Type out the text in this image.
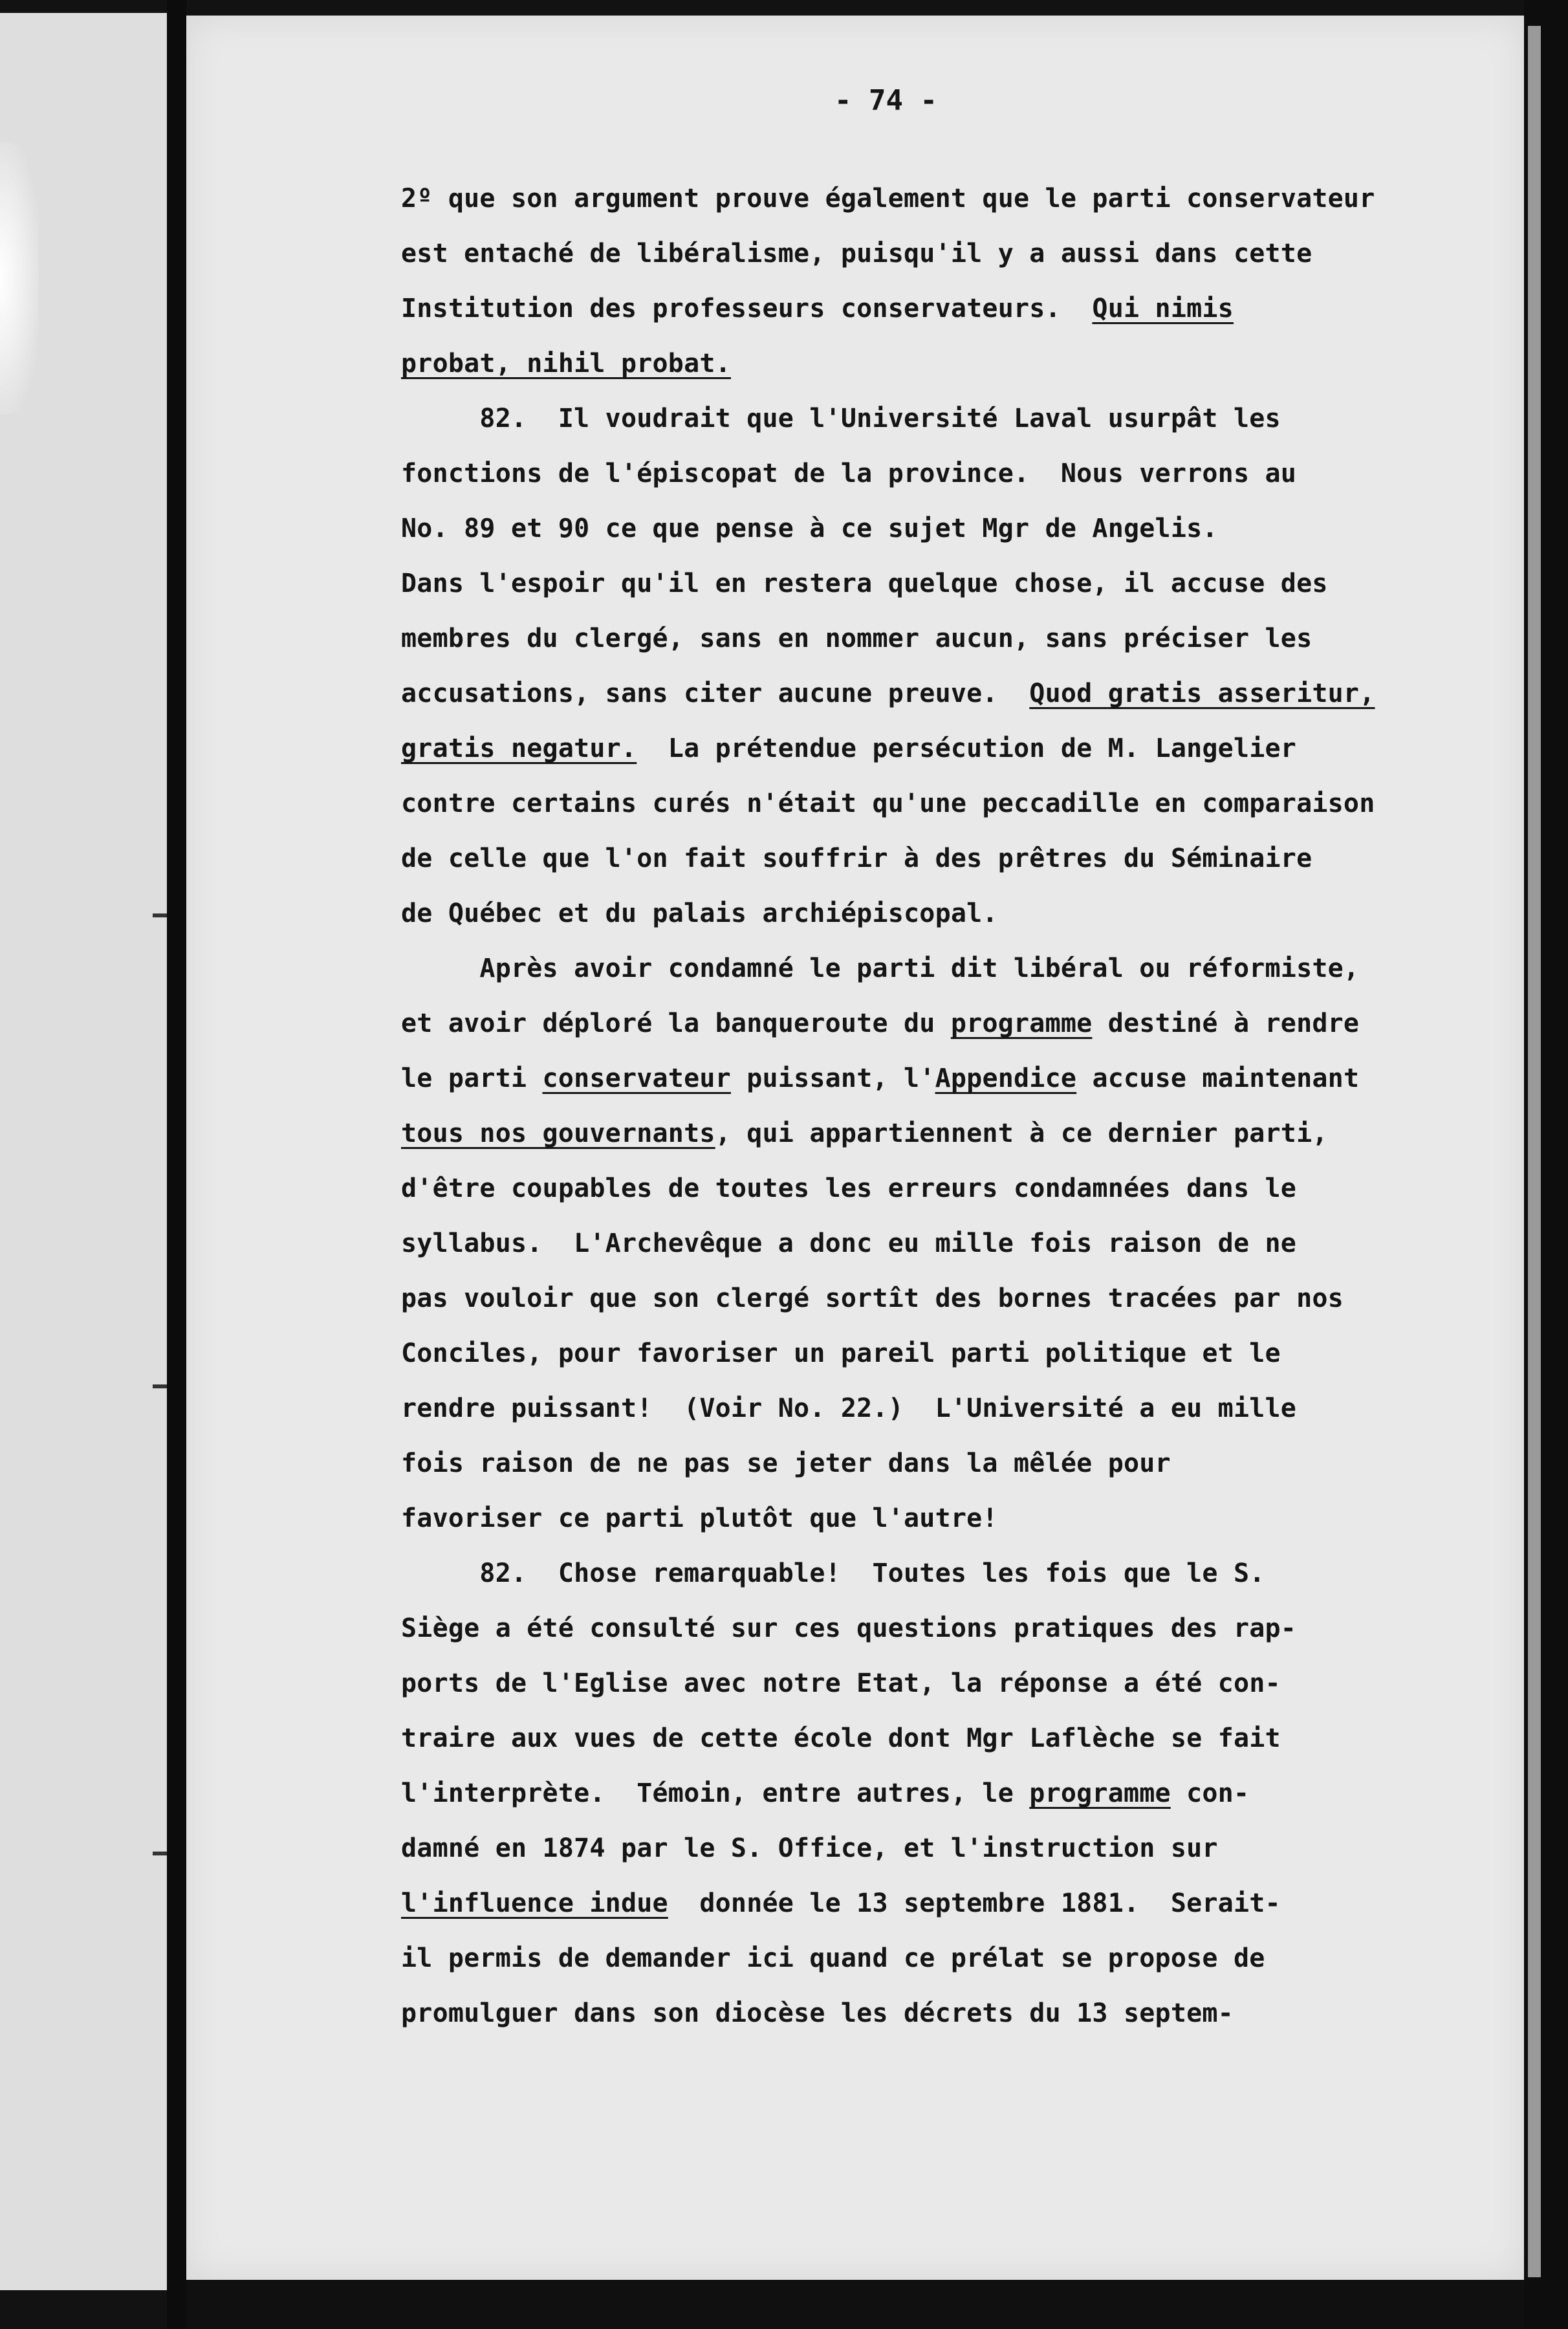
- 74 -
2º que son argument prouve également que le parti conservateur
est entaché de libéralisme, puisqu'il y a aussi dans cette
Institution des professeurs conservateurs.  Qui nimis
probat, nihil probat.
82.  Il voudrait que l'Université Laval usurpât les
fonctions de l'épiscopat de la province.  Nous verrons au
No. 89 et 90 ce que pense à ce sujet Mgr de Angelis.
Dans l'espoir qu'il en restera quelque chose, il accuse des
membres du clergé, sans en nommer aucun, sans préciser les
accusations, sans citer aucune preuve.  Quod gratis asseritur,
gratis negatur.  La prétendue persécution de M. Langelier
contre certains curés n'était qu'une peccadille en comparaison
de celle que l'on fait souffrir à des prêtres du Séminaire
de Québec et du palais archiépiscopal.
Après avoir condamné le parti dit libéral ou réformiste,
et avoir déploré la banqueroute du programme destiné à rendre
le parti conservateur puissant, l'Appendice accuse maintenant
tous nos gouvernants, qui appartiennent à ce dernier parti,
d'être coupables de toutes les erreurs condamnées dans le
syllabus.  L'Archevêque a donc eu mille fois raison de ne
pas vouloir que son clergé sortît des bornes tracées par nos
Conciles, pour favoriser un pareil parti politique et le
rendre puissant!  (Voir No. 22.)  L'Université a eu mille
fois raison de ne pas se jeter dans la mêlée pour
favoriser ce parti plutôt que l'autre!
82.  Chose remarquable!  Toutes les fois que le S.
Siège a été consulté sur ces questions pratiques des rap-
ports de l'Eglise avec notre Etat, la réponse a été con-
traire aux vues de cette école dont Mgr Laflèche se fait
l'interprète.  Témoin, entre autres, le programme con-
damné en 1874 par le S. Office, et l'instruction sur
l'influence indue  donnée le 13 septembre 1881.  Serait-
il permis de demander ici quand ce prélat se propose de
promulguer dans son diocèse les décrets du 13 septem-
